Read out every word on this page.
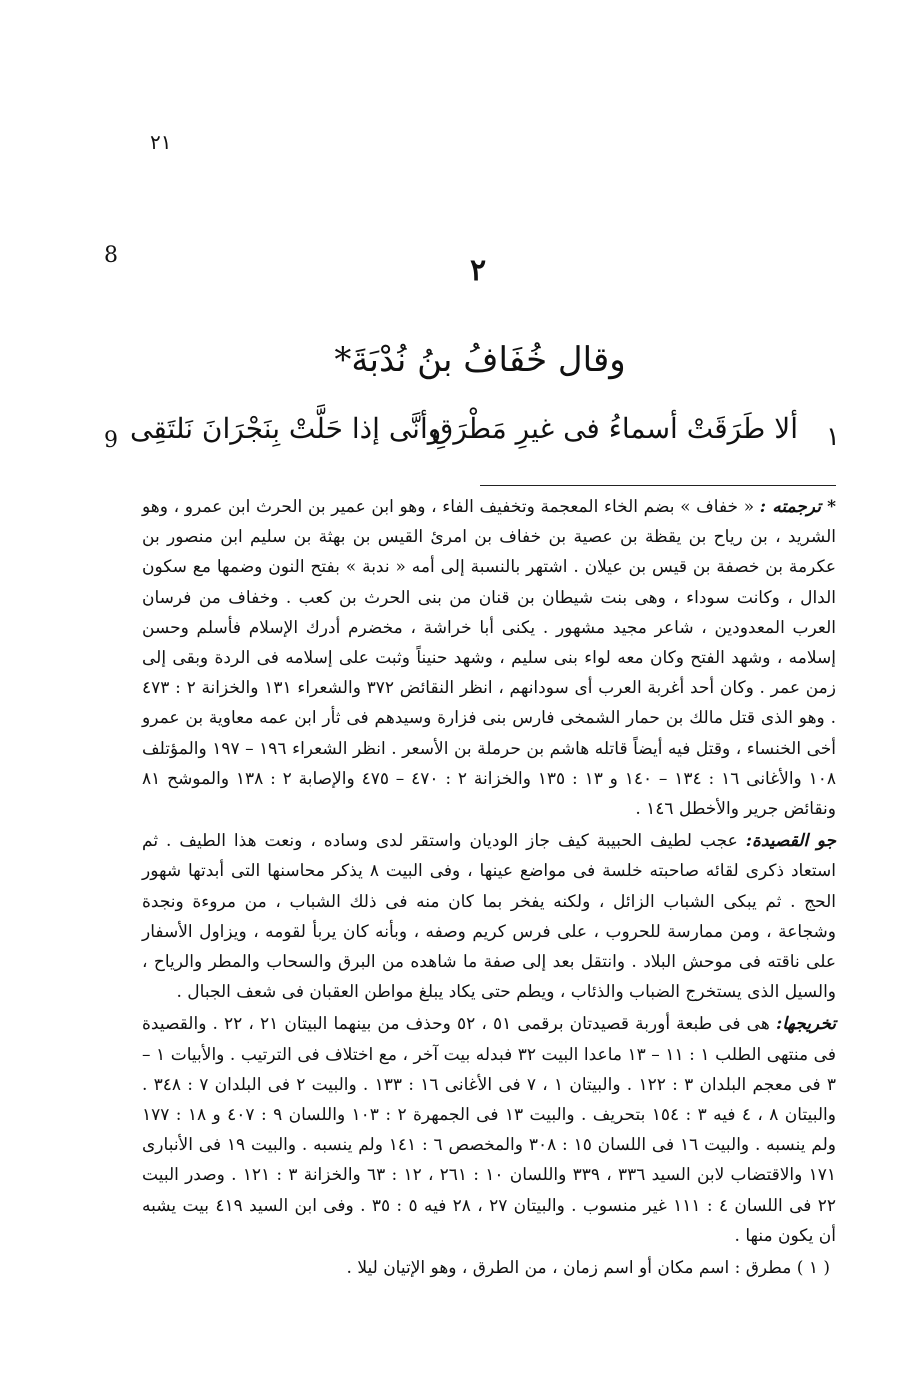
٢١
8
9
٢
وقال خُفَافُ بنُ نُدْبَةَ*
١
ألا طَرَقَتْ أسماءُ فى غيرِ مَطْرَقِ
وأنَّى إذا حَلَّتْ بِنَجْرَانَ نَلتَقِى

* ترجمته : « خفاف » بضم الخاء المعجمة وتخفيف الفاء ، وهو ابن عمير بن الحرث ابن عمرو ، وهو الشريد ، بن رياح بن يقظة بن عصية بن خفاف بن امرئ القيس بن بهثة بن سليم ابن منصور بن عكرمة بن خصفة بن قيس بن عيلان . اشتهر بالنسبة إلى أمه « ندبة » بفتح النون وضمها مع سكون الدال ، وكانت سوداء ، وهى بنت شيطان بن قنان من بنى الحرث بن كعب . وخفاف من فرسان العرب المعدودين ، شاعر مجيد مشهور . يكنى أبا خراشة ، مخضرم أدرك الإسلام فأسلم وحسن إسلامه ، وشهد الفتح وكان معه لواء بنى سليم ، وشهد حنيناً وثبت على إسلامه فى الردة وبقى إلى زمن عمر . وكان أحد أغربة العرب أى سودانهم ، انظر النقائض ٣٧٢ والشعراء ١٣١ والخزانة ٢ : ٤٧٣ . وهو الذى قتل مالك بن حمار الشمخى فارس بنى فزارة وسيدهم فى ثأر ابن عمه معاوية بن عمرو أخى الخنساء ، وقتل فيه أيضاً قاتله هاشم بن حرملة بن الأسعر . انظر الشعراء ١٩٦ – ١٩٧ والمؤتلف ١٠٨ والأغانى ١٦ : ١٣٤ – ١٤٠ و ١٣ : ١٣٥ والخزانة ٢ : ٤٧٠ – ٤٧٥ والإصابة ٢ : ١٣٨ والموشح ٨١ ونقائض جرير والأخطل ١٤٦ .

جو القصيدة: عجب لطيف الحبيبة كيف جاز الوديان واستقر لدى وساده ، ونعت هذا الطيف . ثم استعاد ذكرى لقائه صاحبته خلسة فى مواضع عينها ، وفى البيت ٨ يذكر محاسنها التى أبدتها شهور الحج . ثم يبكى الشباب الزائل ، ولكنه يفخر بما كان منه فى ذلك الشباب ، من مروءة ونجدة وشجاعة ، ومن ممارسة للحروب ، على فرس كريم وصفه ، وبأنه كان يربأ لقومه ، ويزاول الأسفار على ناقته فى موحش البلاد . وانتقل بعد إلى صفة ما شاهده من البرق والسحاب والمطر والرياح ، والسيل الذى يستخرج الضباب والذئاب ، ويطم حتى يكاد يبلغ مواطن العقبان فى شعف الجبال .

تخريجها: هى فى طبعة أوربة قصيدتان برقمى ٥١ ، ٥٢ وحذف من بينهما البيتان ٢١ ، ٢٢ . والقصيدة فى منتهى الطلب ١ : ١١ – ١٣ ماعدا البيت ٣٢ فبدله بيت آخر ، مع اختلاف فى الترتيب . والأبيات ١ – ٣ فى معجم البلدان ٣ : ١٢٢ . والبيتان ١ ، ٧ فى الأغانى ١٦ : ١٣٣ . والبيت ٢ فى البلدان ٧ : ٣٤٨ . والبيتان ٨ ، ٤ فيه ٣ : ١٥٤ بتحريف . والبيت ١٣ فى الجمهرة ٢ : ١٠٣ واللسان ٩ : ٤٠٧ و ١٨ : ١٧٧ ولم ينسبه . والبيت ١٦ فى اللسان ١٥ : ٣٠٨ والمخصص ٦ : ١٤١ ولم ينسبه . والبيت ١٩ فى الأنبارى ١٧١ والاقتضاب لابن السيد ٣٣٦ ، ٣٣٩ واللسان ١٠ : ٢٦١ ، ١٢ : ٦٣ والخزانة ٣ : ١٢١ . وصدر البيت ٢٢ فى اللسان ٤ : ١١١ غير منسوب . والبيتان ٢٧ ، ٢٨ فيه ٥ : ٣٥ . وفى ابن السيد ٤١٩ بيت يشبه أن يكون منها .

( ١ ) مطرق : اسم مكان أو اسم زمان ، من الطرق ، وهو الإتيان ليلا .
